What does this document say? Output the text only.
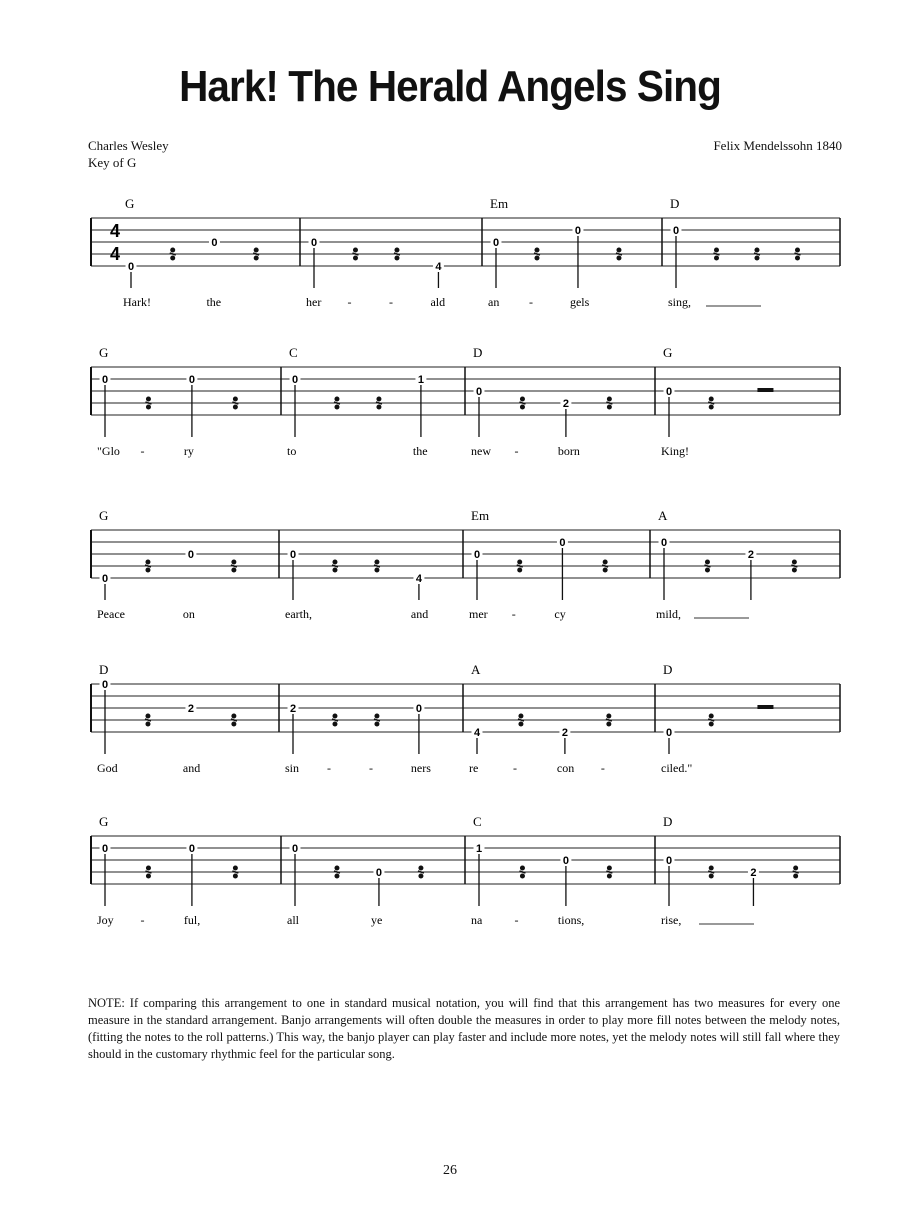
Hark! The Herald Angels Sing
Charles Wesley
Key of G
Felix Mendelssohn 1840
4
4
G	Em	D
0
0	0
4
0
0	0
Hark!	the	her -	-	ald	an -	gels	sing,
G	C	D	G
0	0	0	1
0
2
0
"Glo -	ry	to	the	new -	born	King!
G	Em	A
0
0	0
4
0
0	0
2
Peace	on	earth,	and	mer -	cy	mild,
D	A	D
0
2	2	0
4	2	0
God	and	sin -	-	ners	re	-	con -	ciled."
G	C	D
0	0	0
0
1
0	0
2
Joy -	ful,	all	ye	na	-	tions,	rise,
NOTE: If comparing this arrangement to one in standard musical notation, you will find that this arrangement has two measures for every one measure in the standard arrangement. Banjo arrangements will often double the measures in order to play more fill notes between the melody notes, (fitting the notes to the roll patterns.) This way, the banjo player can play faster and include more notes, yet the melody notes will still fall where they should in the customary rhythmic feel for the particular song.
26
